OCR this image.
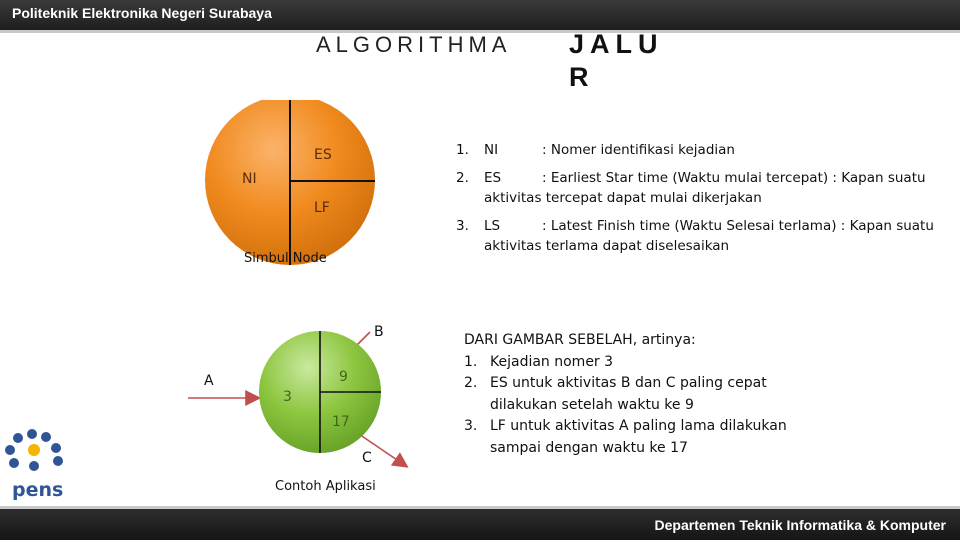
Politeknik Elektronika Negeri Surabaya
ALGORITHMA JALU R
NI
ES
LF
Simbul Node
3
9
17
A
B
C
Contoh Aplikasi
1. NI	: Nomer identifikasi kejadian
2. ES	: Earliest Star time (Waktu mulai tercepat) : Kapan suatu aktivitas tercepat dapat mulai dikerjakan
3. LS	: Latest Finish time (Waktu Selesai terlama) : Kapan suatu aktivitas terlama dapat diselesaikan
DARI GAMBAR SEBELAH, artinya:
1. Kejadian nomer 3
2. ES untuk aktivitas B dan C paling cepat dilakukan setelah waktu ke 9
3. LF untuk aktivitas A paling lama dilakukan sampai dengan waktu ke 17
pens
Departemen Teknik Informatika & Komputer
